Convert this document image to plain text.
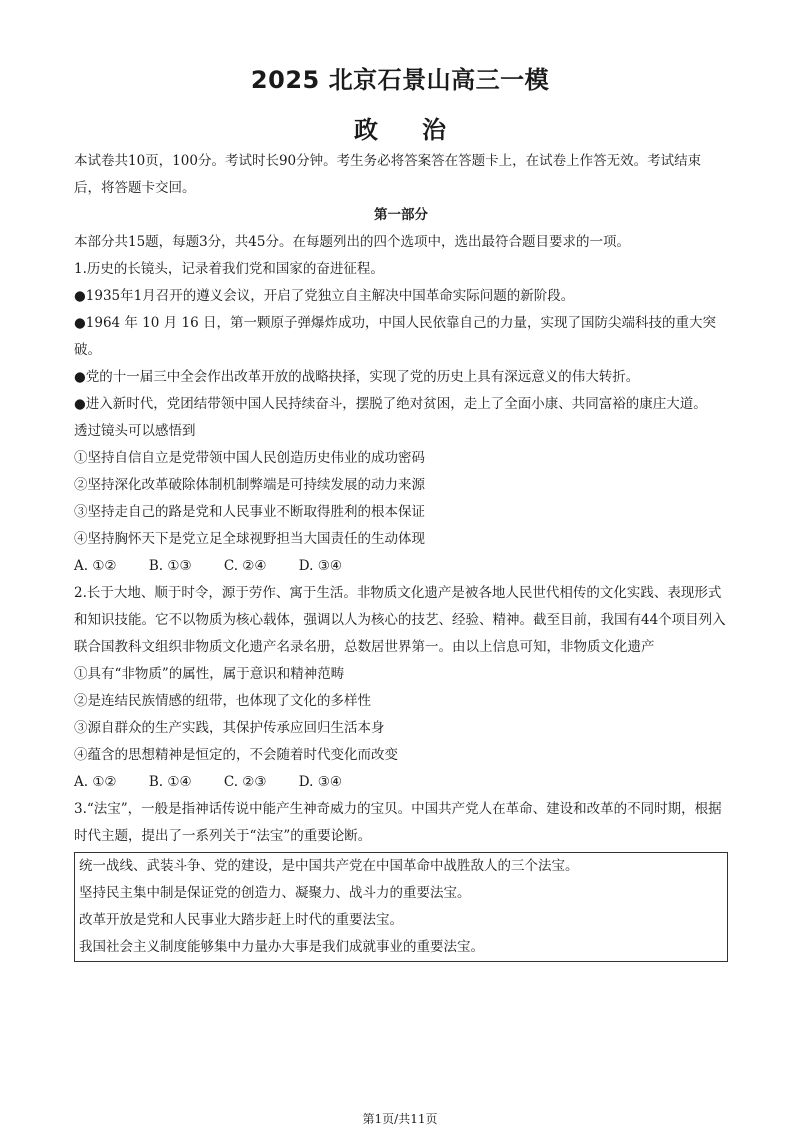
2025 北京石景山高三一模
政治

本试卷共10页，100分。考试时长90分钟。考生务必将答案答在答题卡上，在试卷上作答无效。考试结束后，将答题卡交回。

第一部分

本部分共15题，每题3分，共45分。在每题列出的四个选项中，选出最符合题目要求的一项。

1.历史的长镜头，记录着我们党和国家的奋进征程。

●1935年1月召开的遵义会议，开启了党独立自主解决中国革命实际问题的新阶段。

●1964 年 10 月 16 日，第一颗原子弹爆炸成功，中国人民依靠自己的力量，实现了国防尖端科技的重大突破。

●党的十一届三中全会作出改革开放的战略抉择，实现了党的历史上具有深远意义的伟大转折。

●进入新时代，党团结带领中国人民持续奋斗，摆脱了绝对贫困，走上了全面小康、共同富裕的康庄大道。

透过镜头可以感悟到

①坚持自信自立是党带领中国人民创造历史伟业的成功密码

②坚持深化改革破除体制机制弊端是可持续发展的动力来源

③坚持走自己的路是党和人民事业不断取得胜利的根本保证

④坚持胸怀天下是党立足全球视野担当大国责任的生动体现

A. ①② B. ①③ C. ②④ D. ③④

2.长于大地、顺于时令，源于劳作、寓于生活。非物质文化遗产是被各地人民世代相传的文化实践、表现形式和知识技能。它不以物质为核心载体，强调以人为核心的技艺、经验、精神。截至目前，我国有44个项目列入联合国教科文组织非物质文化遗产名录名册，总数居世界第一。由以上信息可知，非物质文化遗产

①具有“非物质”的属性，属于意识和精神范畴

②是连结民族情感的纽带，也体现了文化的多样性

③源自群众的生产实践，其保护传承应回归生活本身

④蕴含的思想精神是恒定的，不会随着时代变化而改变

A. ①② B. ①④ C. ②③ D. ③④

3.“法宝”，一般是指神话传说中能产生神奇威力的宝贝。中国共产党人在革命、建设和改革的不同时期，根据时代主题，提出了一系列关于“法宝”的重要论断。

统一战线、武装斗争、党的建设，是中国共产党在中国革命中战胜敌人的三个法宝。

坚持民主集中制是保证党的创造力、凝聚力、战斗力的重要法宝。

改革开放是党和人民事业大踏步赶上时代的重要法宝。

我国社会主义制度能够集中力量办大事是我们成就事业的重要法宝。

第1页/共11页
